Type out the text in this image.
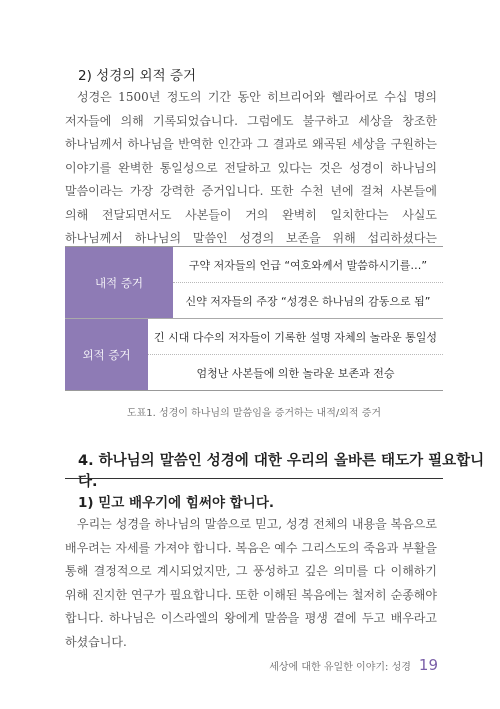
2) 성경의 외적 증거

성경은 1500년 정도의 기간 동안 히브리어와 헬라어로 수십 명의 저자들에 의해 기록되었습니다. 그럼에도 불구하고 세상을 창조한 하나님께서 하나님을 반역한 인간과 그 결과로 왜곡된 세상을 구원하는 이야기를 완벽한 통일성으로 전달하고 있다는 것은 성경이 하나님의 말씀이라는 가장 강력한 증거입니다. 또한 수천 년에 걸쳐 사본들에 의해 전달되면서도 사본들이 거의 완벽히 일치한다는 사실도 하나님께서 하나님의 말씀인 성경의 보존을 위해 섭리하셨다는

내적 증거
구약 저자들의 언급 “여호와께서 말씀하시기를…”
신약 저자들의 주장 “성경은 하나님의 감동으로 됨”
외적 증거
긴 시대 다수의 저자들이 기록한 설명 자체의 놀라운 통일성
엄청난 사본들에 의한 놀라운 보존과 전승
도표1. 성경이 하나님의 말씀임을 증거하는 내적/외적 증거
4. 하나님의 말씀인 성경에 대한 우리의 올바른 태도가 필요합니다.
1) 믿고 배우기에 힘써야 합니다.

우리는 성경을 하나님의 말씀으로 믿고, 성경 전체의 내용을 복음으로 배우려는 자세를 가져야 합니다. 복음은 예수 그리스도의 죽음과 부활을 통해 결정적으로 계시되었지만, 그 풍성하고 깊은 의미를 다 이해하기 위해 진지한 연구가 필요합니다. 또한 이해된 복음에는 철저히 순종해야 합니다. 하나님은 이스라엘의 왕에게 말씀을 평생 곁에 두고 배우라고 하셨습니다.

세상에 대한 유일한 이야기: 성경 19
